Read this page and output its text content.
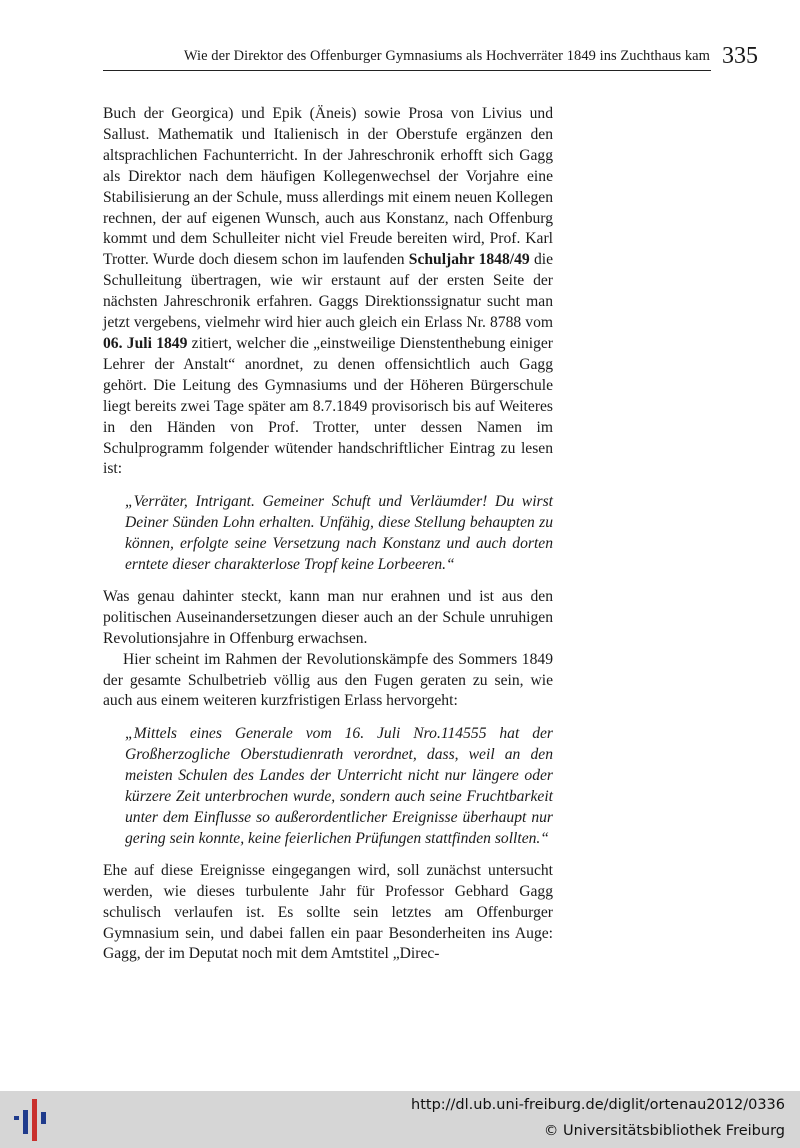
Wie der Direktor des Offenburger Gymnasiums als Hochverräter 1849 ins Zuchthaus kam 335

Buch der Georgica) und Epik (Äneis) sowie Prosa von Livius und Sallust. Mathematik und Italienisch in der Oberstufe ergänzen den altsprachlichen Fachunterricht. In der Jahreschronik erhofft sich Gagg als Direktor nach dem häufigen Kollegenwechsel der Vorjahre eine Stabilisierung an der Schule, muss allerdings mit einem neuen Kollegen rechnen, der auf eigenen Wunsch, auch aus Konstanz, nach Offenburg kommt und dem Schulleiter nicht viel Freude bereiten wird, Prof. Karl Trotter. Wurde doch diesem schon im laufenden Schuljahr 1848/49 die Schulleitung übertragen, wie wir erstaunt auf der ersten Seite der nächsten Jahreschronik erfahren. Gaggs Direktionssignatur sucht man jetzt vergebens, vielmehr wird hier auch gleich ein Erlass Nr. 8788 vom 06. Juli 1849 zitiert, welcher die „einstweilige Dienstenthebung einiger Lehrer der Anstalt“ anordnet, zu denen offensichtlich auch Gagg gehört. Die Leitung des Gymnasiums und der Höheren Bürgerschule liegt bereits zwei Tage später am 8.7.1849 provisorisch bis auf Weiteres in den Händen von Prof. Trotter, unter dessen Namen im Schulprogramm folgender wütender handschriftlicher Eintrag zu lesen ist:

„Verräter, Intrigant. Gemeiner Schuft und Verläumder! Du wirst Deiner Sünden Lohn erhalten. Unfähig, diese Stellung behaupten zu können, erfolgte seine Versetzung nach Konstanz und auch dorten erntete dieser charakterlose Tropf keine Lorbeeren.“

Was genau dahinter steckt, kann man nur erahnen und ist aus den politischen Auseinandersetzungen dieser auch an der Schule unruhigen Revolutionsjahre in Offenburg erwachsen.

Hier scheint im Rahmen der Revolutionskämpfe des Sommers 1849 der gesamte Schulbetrieb völlig aus den Fugen geraten zu sein, wie auch aus einem weiteren kurzfristigen Erlass hervorgeht:

„Mittels eines Generale vom 16. Juli Nro.114555 hat der Großherzogliche Oberstudienrath verordnet, dass, weil an den meisten Schulen des Landes der Unterricht nicht nur längere oder kürzere Zeit unterbrochen wurde, sondern auch seine Fruchtbarkeit unter dem Einflusse so außerordentlicher Ereignisse überhaupt nur gering sein konnte, keine feierlichen Prüfungen stattfinden sollten.“

Ehe auf diese Ereignisse eingegangen wird, soll zunächst untersucht werden, wie dieses turbulente Jahr für Professor Gebhard Gagg schulisch verlaufen ist. Es sollte sein letztes am Offenburger Gymnasium sein, und dabei fallen ein paar Besonderheiten ins Auge: Gagg, der im Deputat noch mit dem Amtstitel „Direc-

http://dl.ub.uni-freiburg.de/diglit/ortenau2012/0336
© Universitätsbibliothek Freiburg
